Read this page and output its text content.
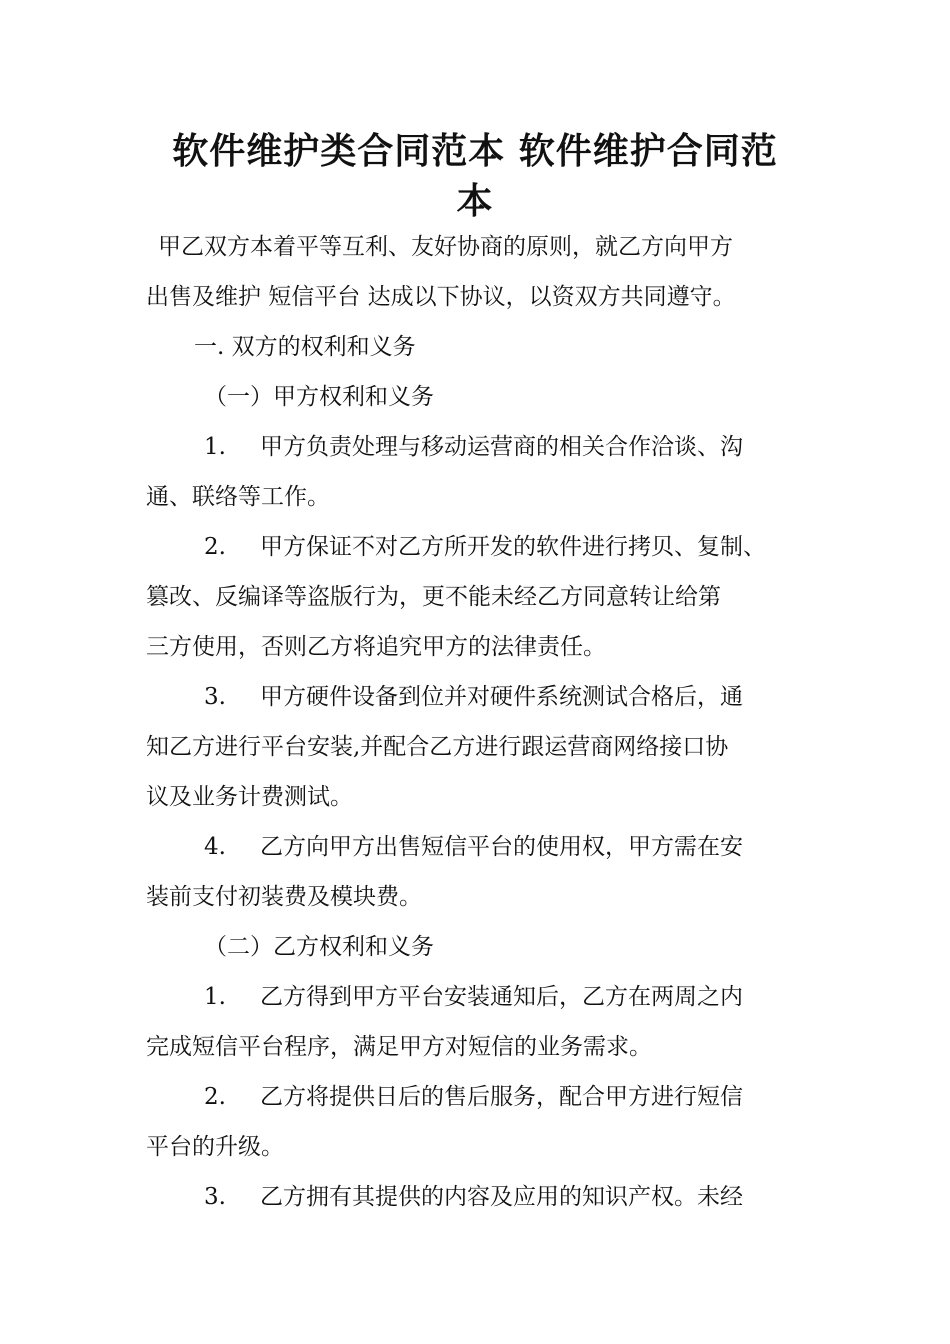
软件维护类合同范本 软件维护合同范
本

甲乙双方本着平等互利、友好协商的原则，就乙方向甲方
出售及维护 短信平台 达成以下协议，以资双方共同遵守。

一. 双方的权利和义务

（一）甲方权利和义务

1. 甲方负责处理与移动运营商的相关合作洽谈、沟
通、联络等工作。

2. 甲方保证不对乙方所开发的软件进行拷贝、复制、
篡改、反编译等盗版行为，更不能未经乙方同意转让给第
三方使用，否则乙方将追究甲方的法律责任。

3. 甲方硬件设备到位并对硬件系统测试合格后，通
知乙方进行平台安装,并配合乙方进行跟运营商网络接口协
议及业务计费测试。

4. 乙方向甲方出售短信平台的使用权，甲方需在安
装前支付初装费及模块费。

（二）乙方权利和义务

1. 乙方得到甲方平台安装通知后，乙方在两周之内
完成短信平台程序，满足甲方对短信的业务需求。

2. 乙方将提供日后的售后服务，配合甲方进行短信
平台的升级。

3. 乙方拥有其提供的内容及应用的知识产权。未经
